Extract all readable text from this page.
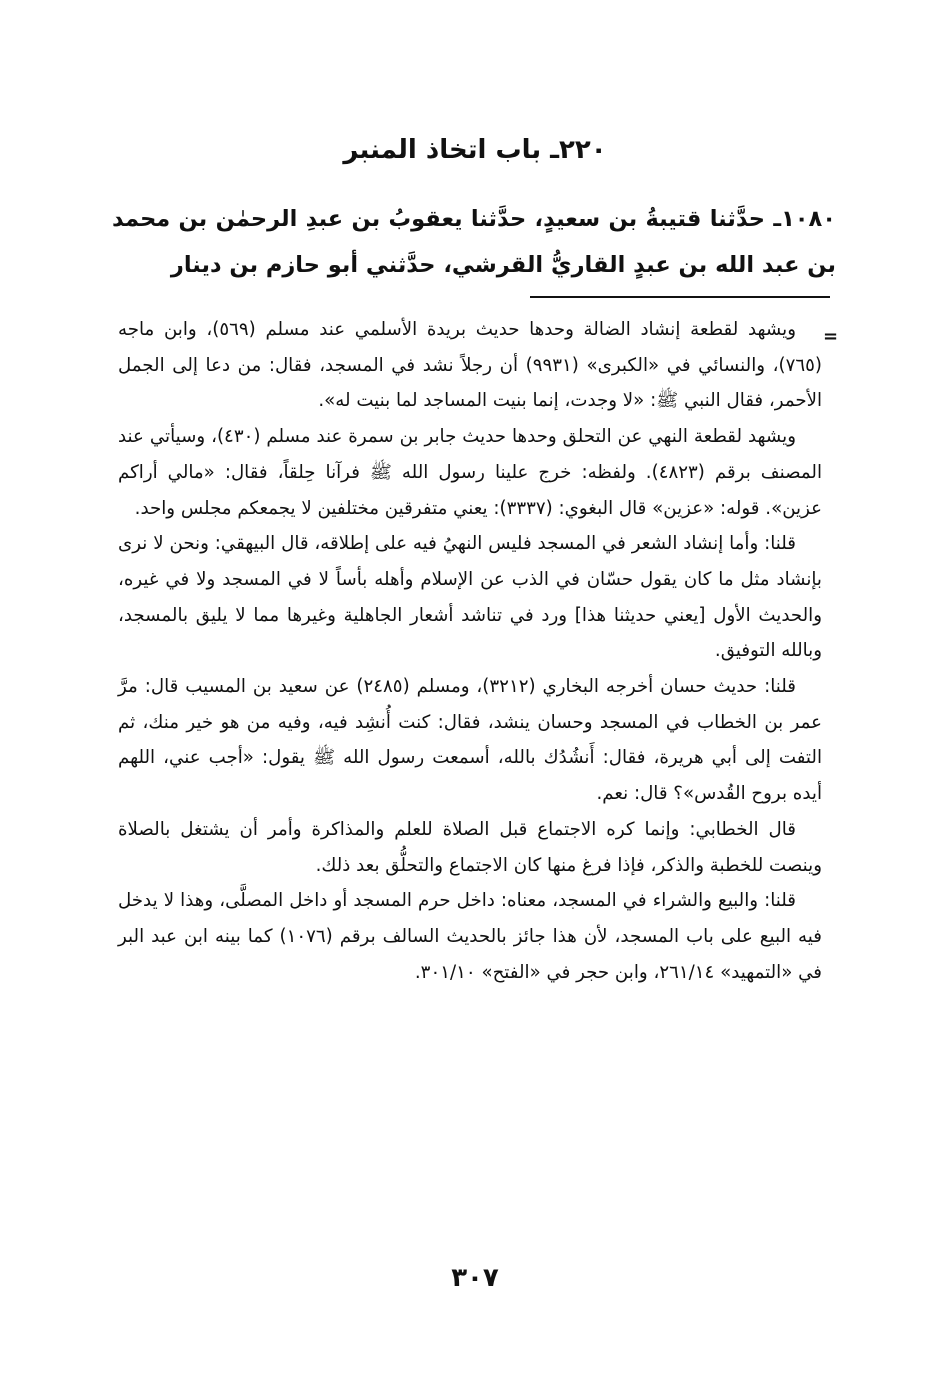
٢٢٠ـ باب اتخاذ المنبر
١٠٨٠ـ حدَّثنا قتيبةُ بن سعيدٍ، حدَّثنا يعقوبُ بن عبدِ الرحمٰن بن محمد بن عبد الله بن عبدٍ القاريُّ القرشي، حدَّثني أبو حازم بن دينار
=

ويشهد لقطعة إنشاد الضالة وحدها حديث بريدة الأسلمي عند مسلم (٥٦٩)، وابن ماجه (٧٦٥)، والنسائي في «الكبرى» (٩٩٣١) أن رجلاً نشد في المسجد، فقال: من دعا إلى الجمل الأحمر، فقال النبي ﷺ: «لا وجدت، إنما بنيت المساجد لما بنيت له».

ويشهد لقطعة النهي عن التحلق وحدها حديث جابر بن سمرة عند مسلم (٤٣٠)، وسيأتي عند المصنف برقم (٤٨٢٣). ولفظه: خرج علينا رسول الله ﷺ فرآنا حِلقاً، فقال: «مالي أراكم عزين». قوله: «عزين» قال البغوي: (٣٣٣٧): يعني متفرقين مختلفين لا يجمعكم مجلس واحد.

قلنا: وأما إنشاد الشعر في المسجد فليس النهيُ فيه على إطلاقه، قال البيهقي: ونحن لا نرى بإنشاد مثل ما كان يقول حسّان في الذب عن الإسلام وأهله بأساً لا في المسجد ولا في غيره، والحديث الأول [يعني حديثنا هذا] ورد في تناشد أشعار الجاهلية وغيرها مما لا يليق بالمسجد، وبالله التوفيق.

قلنا: حديث حسان أخرجه البخاري (٣٢١٢)، ومسلم (٢٤٨٥) عن سعيد بن المسيب قال: مرَّ عمر بن الخطاب في المسجد وحسان ينشد، فقال: كنت أُنشِد فيه، وفيه من هو خير منك، ثم التفت إلى أبي هريرة، فقال: أَنشُدُك بالله، أسمعت رسول الله ﷺ يقول: «أجب عني، اللهم أيده بروح القُدس»؟ قال: نعم.

قال الخطابي: وإنما كره الاجتماع قبل الصلاة للعلم والمذاكرة وأمر أن يشتغل بالصلاة وينصت للخطبة والذكر، فإذا فرغ منها كان الاجتماع والتحلُّق بعد ذلك.

قلنا: والبيع والشراء في المسجد، معناه: داخل حرم المسجد أو داخل المصلَّى، وهذا لا يدخل فيه البيع على باب المسجد، لأن هذا جائز بالحديث السالف برقم (١٠٧٦) كما بينه ابن عبد البر في «التمهيد» ٢٦١/١٤، وابن حجر في «الفتح» ٣٠١/١٠.

٣٠٧
